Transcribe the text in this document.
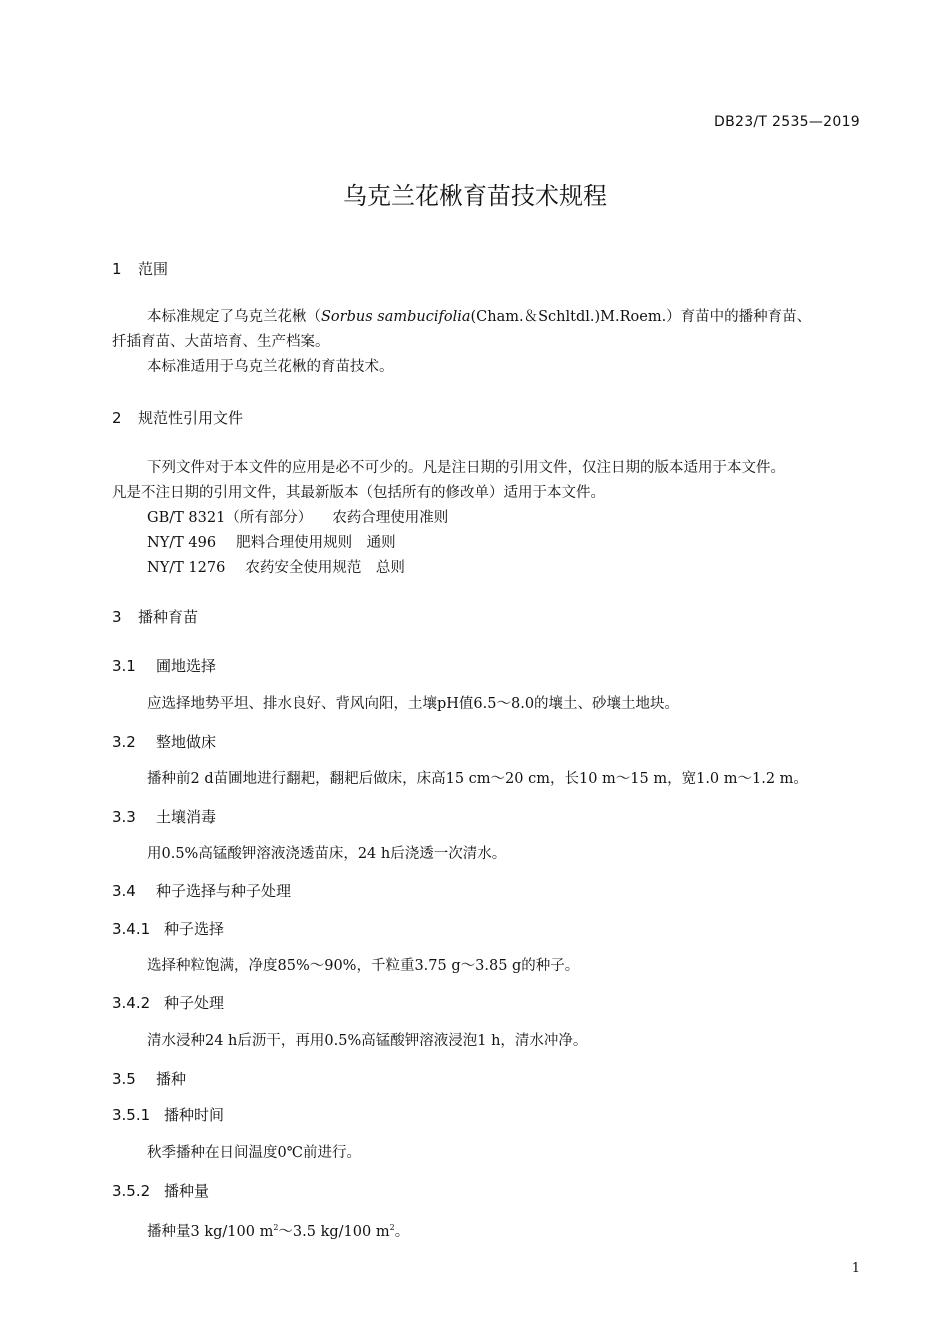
DB23/T 2535—2019
乌克兰花楸育苗技术规程
1 范围
本标准规定了乌克兰花楸（Sorbus sambucifolia(Cham.＆Schltdl.)M.Roem.）育苗中的播种育苗、
扦插育苗、大苗培育、生产档案。
本标准适用于乌克兰花楸的育苗技术。
2 规范性引用文件
下列文件对于本文件的应用是必不可少的。凡是注日期的引用文件，仅注日期的版本适用于本文件。
凡是不注日期的引用文件，其最新版本（包括所有的修改单）适用于本文件。
GB/T 8321（所有部分） 农药合理使用准则
NY/T 496 肥料合理使用规则　通则
NY/T 1276 农药安全使用规范　总则
3 播种育苗
3.1 圃地选择
应选择地势平坦、排水良好、背风向阳，土壤pH值6.5～8.0的壤土、砂壤土地块。
3.2 整地做床
播种前2 d苗圃地进行翻耙，翻耙后做床，床高15 cm～20 cm，长10 m～15 m，宽1.0 m～1.2 m。
3.3 土壤消毒
用0.5%高锰酸钾溶液浇透苗床，24 h后浇透一次清水。
3.4 种子选择与种子处理
3.4.1 种子选择
选择种粒饱满，净度85%～90%，千粒重3.75 g～3.85 g的种子。
3.4.2 种子处理
清水浸种24 h后沥干，再用0.5%高锰酸钾溶液浸泡1 h，清水冲净。
3.5 播种
3.5.1 播种时间
秋季播种在日间温度0℃前进行。
3.5.2 播种量
播种量3 kg/100 $m^2\sim 3.5$ kg/100 $m^2$。
1
